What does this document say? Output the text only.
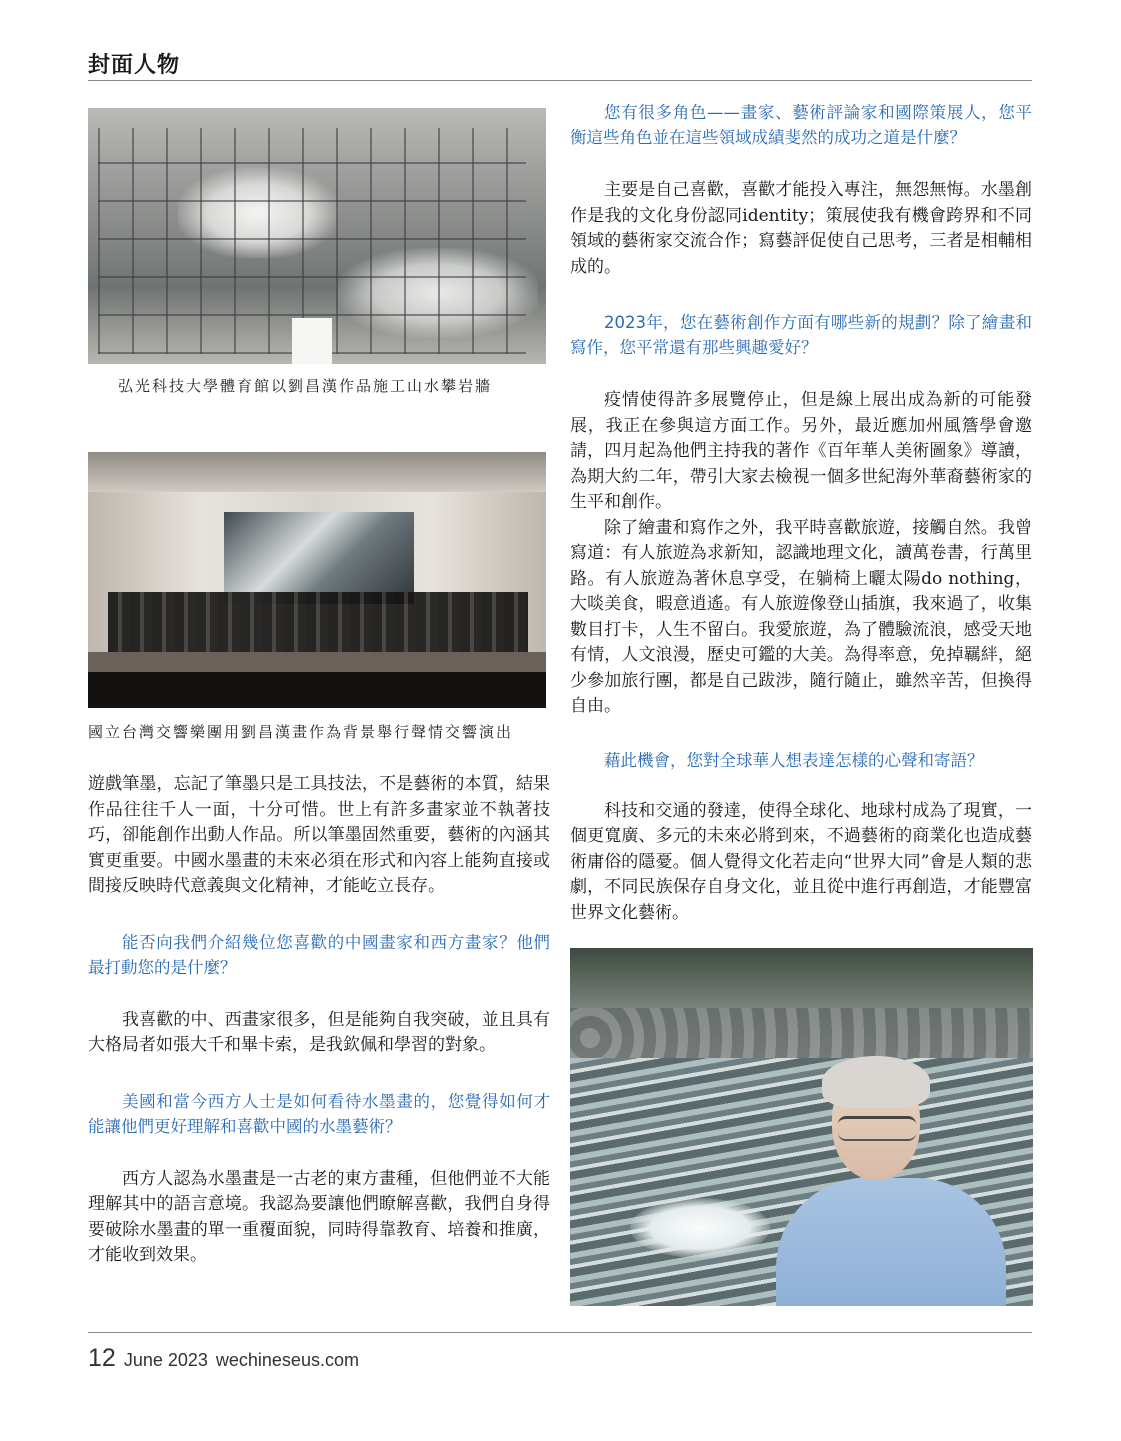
封面人物

弘光科技大學體育館以劉昌漢作品施工山水攀岩牆

國立台灣交響樂團用劉昌漢畫作為背景舉行聲情交響演出

遊戲筆墨，忘記了筆墨只是工具技法，不是藝術的本質，結果作品往往千人一面，十分可惜。世上有許多畫家並不執著技巧，卻能創作出動人作品。所以筆墨固然重要，藝術的內涵其實更重要。中國水墨畫的未來必須在形式和內容上能夠直接或間接反映時代意義與文化精神，才能屹立長存。

能否向我們介紹幾位您喜歡的中國畫家和西方畫家？他們最打動您的是什麼？

我喜歡的中、西畫家很多，但是能夠自我突破，並且具有大格局者如張大千和畢卡索，是我欽佩和學習的對象。

美國和當今西方人士是如何看待水墨畫的，您覺得如何才能讓他們更好理解和喜歡中國的水墨藝術？

西方人認為水墨畫是一古老的東方畫種，但他們並不大能理解其中的語言意境。我認為要讓他們瞭解喜歡，我們自身得要破除水墨畫的單一重覆面貌，同時得靠教育、培養和推廣，才能收到效果。

您有很多角色——畫家、藝術評論家和國際策展人，您平衡這些角色並在這些領域成績斐然的成功之道是什麼？

主要是自己喜歡，喜歡才能投入專注，無怨無悔。水墨創作是我的文化身份認同identity；策展使我有機會跨界和不同領域的藝術家交流合作；寫藝評促使自己思考，三者是相輔相成的。

2023年，您在藝術創作方面有哪些新的規劃？除了繪畫和寫作，您平常還有那些興趣愛好？

疫情使得許多展覽停止，但是線上展出成為新的可能發展，我正在參與這方面工作。另外，最近應加州風簷學會邀請，四月起為他們主持我的著作《百年華人美術圖象》導讀，為期大約二年，帶引大家去檢視一個多世紀海外華裔藝術家的生平和創作。

除了繪畫和寫作之外，我平時喜歡旅遊，接觸自然。我曾寫道：有人旅遊為求新知，認識地理文化，讀萬卷書，行萬里路。有人旅遊為著休息享受，在躺椅上曬太陽do nothing，大啖美食，暇意逍遙。有人旅遊像登山插旗，我來過了，收集數目打卡，人生不留白。我愛旅遊，為了體驗流浪，感受天地有情，人文浪漫，歷史可鑑的大美。為得率意，免掉羈絆，絕少參加旅行團，都是自己跋涉，隨行隨止，雖然辛苦，但換得自由。

藉此機會，您對全球華人想表達怎樣的心聲和寄語？

科技和交通的發達，使得全球化、地球村成為了現實，一個更寬廣、多元的未來必將到來，不過藝術的商業化也造成藝術庸俗的隱憂。個人覺得文化若走向“世界大同”會是人類的悲劇，不同民族保存自身文化，並且從中進行再創造，才能豐富世界文化藝術。

12 June 2023 wechineseus.com
